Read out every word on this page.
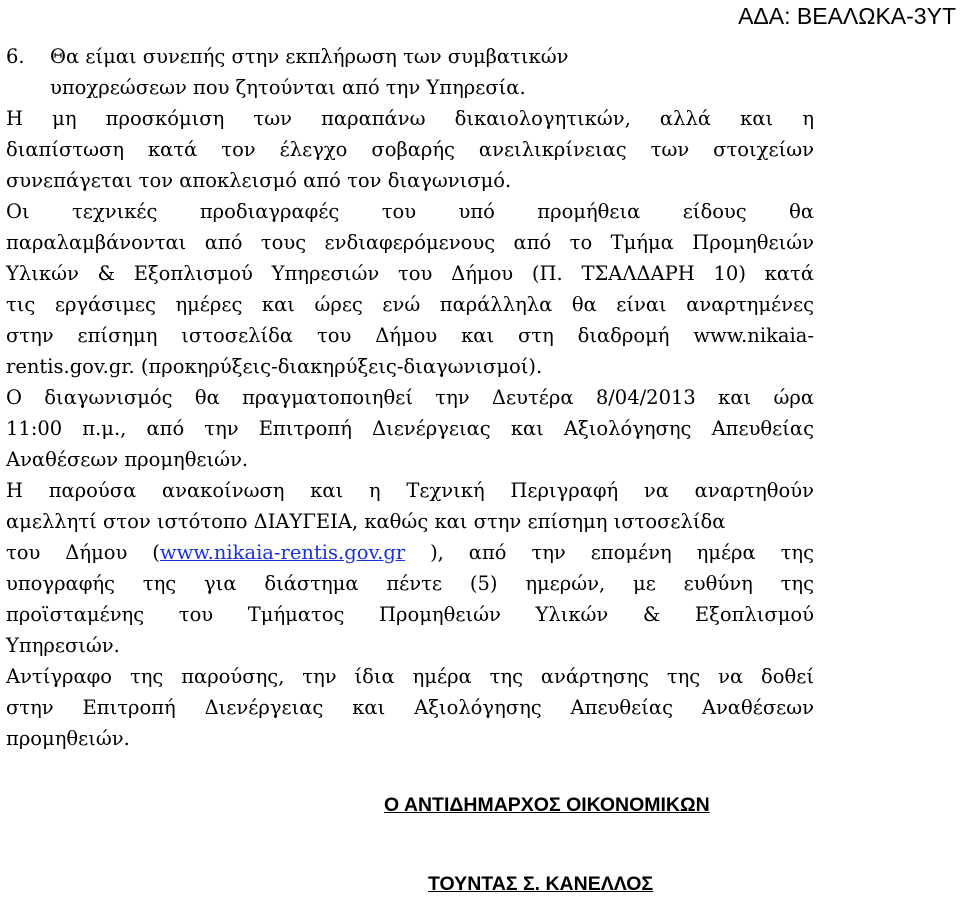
ΑΔΑ: ΒΕΑΛΩΚΑ-3ΥΤ
6. Θα είμαι συνεπής στην εκπλήρωση των συμβατικών
υποχρεώσεων που ζητούνται από την Υπηρεσία.
Η μη προσκόμιση των παραπάνω δικαιολογητικών, αλλά και η
διαπίστωση κατά τον έλεγχο σοβαρής ανειλικρίνειας των στοιχείων
συνεπάγεται τον αποκλεισμό από τον διαγωνισμό.
Οι τεχνικές προδιαγραφές του υπό προμήθεια είδους θα
παραλαμβάνονται από τους ενδιαφερόμενους από το Τμήμα Προμηθειών
Υλικών & Εξοπλισμού Υπηρεσιών του Δήμου (Π. ΤΣΑΛΔΑΡΗ 10) κατά
τις εργάσιμες ημέρες και ώρες ενώ παράλληλα θα είναι αναρτημένες
στην επίσημη ιστοσελίδα του Δήμου και στη διαδρομή www.nikaia-
rentis.gov.gr. (προκηρύξεις-διακηρύξεις-διαγωνισμοί).
Ο διαγωνισμός θα πραγματοποιηθεί την Δευτέρα 8/04/2013 και ώρα
11:00 π.μ., από την Επιτροπή Διενέργειας και Αξιολόγησης Απευθείας
Αναθέσεων προμηθειών.
Η παρούσα ανακοίνωση και η Τεχνική Περιγραφή να αναρτηθούν
αμελλητί στον ιστότοπο ΔΙΑΥΓΕΙΑ, καθώς και στην επίσημη ιστοσελίδα
του Δήμου (www.nikaia-rentis.gov.gr ), από την επομένη ημέρα της
υπογραφής της για διάστημα πέντε (5) ημερών, με ευθύνη της
προϊσταμένης του Τμήματος Προμηθειών Υλικών & Εξοπλισμού
Υπηρεσιών.
Αντίγραφο της παρούσης, την ίδια ημέρα της ανάρτησης της να δοθεί
στην Επιτροπή Διενέργειας και Αξιολόγησης Απευθείας Αναθέσεων
προμηθειών.
Ο ΑΝΤΙΔΗΜΑΡΧΟΣ ΟΙΚΟΝΟΜΙΚΩΝ
ΤΟΥΝΤΑΣ Σ. ΚΑΝΕΛΛΟΣ
